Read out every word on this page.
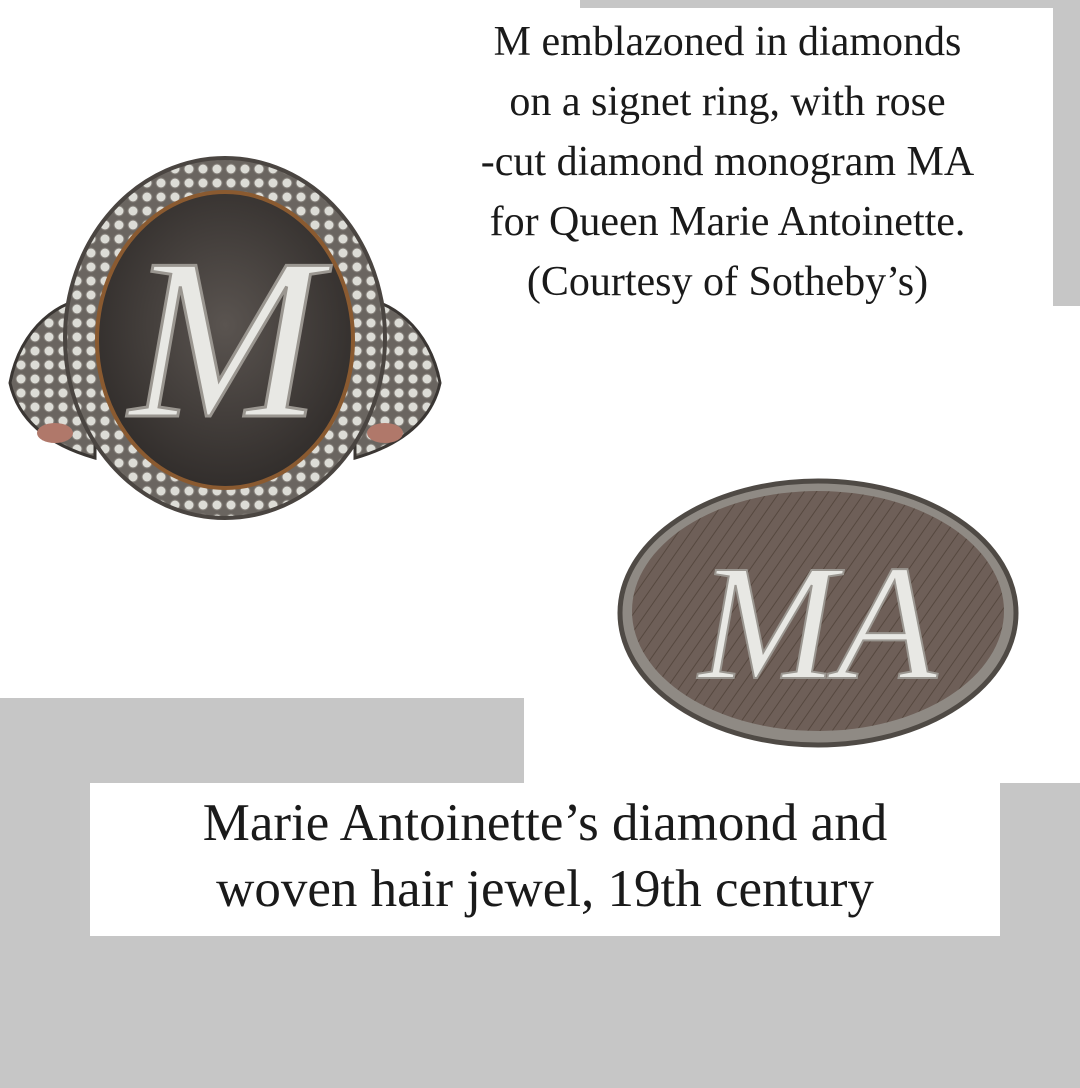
M emblazoned in diamonds
on a signet ring, with rose
-cut diamond monogram MA
for Queen Marie Antoinette.
(Courtesy of Sotheby’s)
M
MA
Marie Antoinette’s diamond and
woven hair jewel, 19th century
